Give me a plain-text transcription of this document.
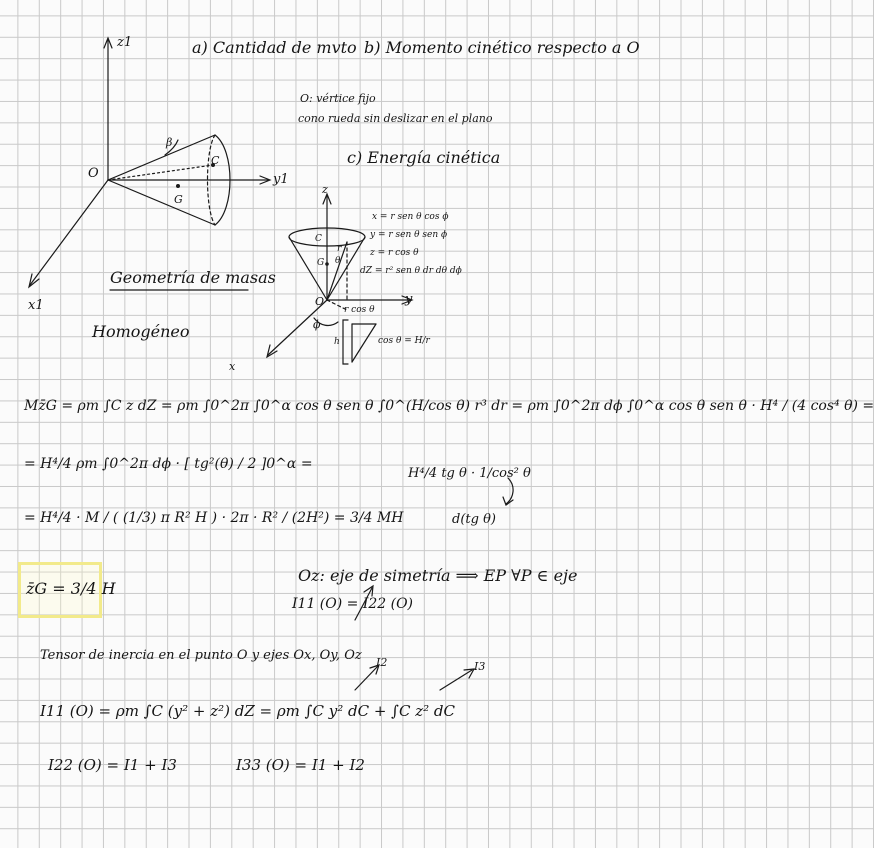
a) Cantidad de mvto b) Momento cinético respecto a O
O: vértice fijo
cono rueda sin deslizar en el plano
c) Energía cinética
z1
y1
x1
O
β
C
G
Geometría de masas
Homogéneo
z
y
x
O
C
G θ
r
r cos θ
ϕ
h
x = r sen θ cos ϕ
y = r sen θ sen ϕ
z = r cos θ
dZ = r² sen θ dr dθ dϕ
cos θ = H/r
Mz̄G = ρm ∫C z dZ = ρm ∫0^2π ∫0^α cos θ sen θ ∫0^(H/cos θ) r³ dr = ρm ∫0^2π dϕ ∫0^α cos θ sen θ · H⁴ / (4 cos⁴ θ) =
= H⁴/4 ρm ∫0^2π dϕ · [ tg²(θ) / 2 ]0^α =
H⁴/4 tg θ · 1/cos² θ
d(tg θ)
= H⁴/4 · M / ( (1/3) π R² H ) · 2π · R² / (2H²) = 3/4 MH
z̄G = 3/4 H
Oz: eje de simetría ⟹ EP ∀P ∈ eje
I11 (O) = I22 (O)
Tensor de inercia en el punto O y ejes Ox, Oy, Oz I2	I3
I11 (O) = ρm ∫C (y² + z²) dZ = ρm ∫C y² dC + ∫C z² dC
I22 (O) = I1 + I3	I33 (O) = I1 + I2
